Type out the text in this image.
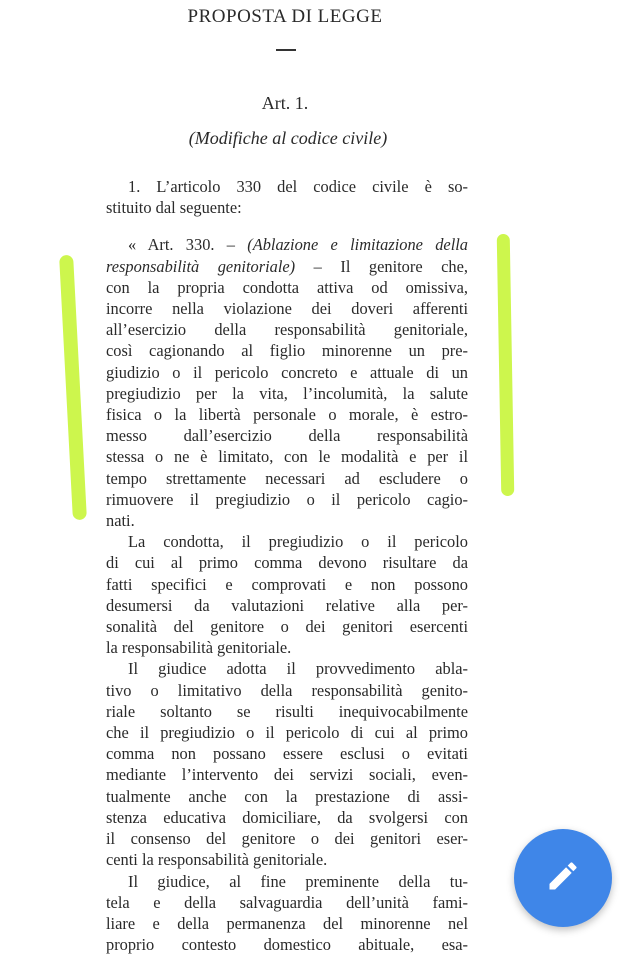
PROPOSTA DI LEGGE
Art. 1.
(Modifiche al codice civile)
1. L’articolo 330 del codice civile è so-
stituito dal seguente:
« Art. 330. – (Ablazione e limitazione della
responsabilità genitoriale) – Il genitore che,
con la propria condotta attiva od omissiva,
incorre nella violazione dei doveri afferenti
all’esercizio della responsabilità genitoriale,
così cagionando al figlio minorenne un pre-
giudizio o il pericolo concreto e attuale di un
pregiudizio per la vita, l’incolumità, la salute
fisica o la libertà personale o morale, è estro-
messo dall’esercizio della responsabilità
stessa o ne è limitato, con le modalità e per il
tempo strettamente necessari ad escludere o
rimuovere il pregiudizio o il pericolo cagio-
nati.
La condotta, il pregiudizio o il pericolo
di cui al primo comma devono risultare da
fatti specifici e comprovati e non possono
desumersi da valutazioni relative alla per-
sonalità del genitore o dei genitori esercenti
la responsabilità genitoriale.
Il giudice adotta il provvedimento abla-
tivo o limitativo della responsabilità genito-
riale soltanto se risulti inequivocabilmente
che il pregiudizio o il pericolo di cui al primo
comma non possano essere esclusi o evitati
mediante l’intervento dei servizi sociali, even-
tualmente anche con la prestazione di assi-
stenza educativa domiciliare, da svolgersi con
il consenso del genitore o dei genitori eser-
centi la responsabilità genitoriale.
Il giudice, al fine preminente della tu-
tela e della salvaguardia dell’unità fami-
liare e della permanenza del minorenne nel
proprio contesto domestico abituale, esa-
